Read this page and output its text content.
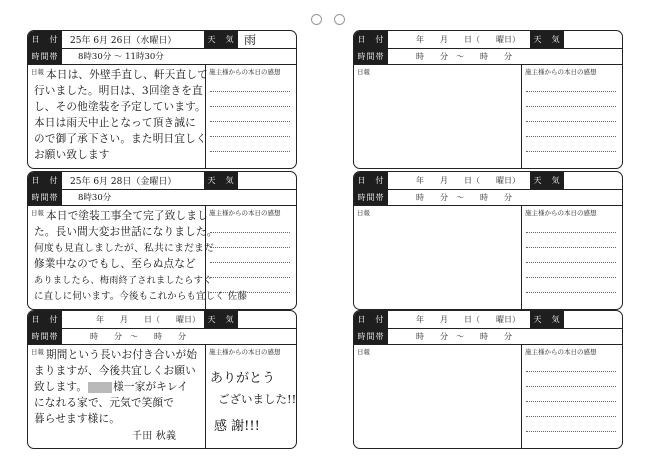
日　付	25年 6月 26日（水曜日）	天　気 雨
時間帯	8時30分 〜 11時30分
日報	施主様からの本日の感想
本日は、外壁手直し、軒天直して
行いました。明日は、3回塗きを直
し、その他塗装を予定しています。
本日は雨天中止となって頂き誠に
ので御了承下さい。また明日宜しく
お願い致します
日　付	25年 6月 28日（金曜日）	天　気
時間帯	8時30分
日報	施主様からの本日の感想
本日で塗装工事全て完了致しまし
た。長い間大変お世話になりました。
何度も見直しましたが、私共にまだまだ
修業中なのでもし、至らぬ点など
ありましたら、梅雨終了されましたらすぐ
に直しに伺います。今後もこれからも宜しく 佐藤
日　付	年　　月　　日（　　曜日） 天　気
時間帯	時　　分　〜　　時　　分
日報	施主様からの本日の感想
期間という長いお付き合いが始
まりますが、今後共宜しくお願い
致します。 様一家がキレイ
になれる家で、元気で笑顔で
暮らせます様に。
千田 秋義
ありがとう
ございました!!
感 謝!!!
日　付	年　　月　　日（　　曜日）	天　気
時間帯	時　　分　〜　　時　　分
日報	施主様からの本日の感想
日　付	年　　月　　日（　　曜日）	天　気
時間帯	時　　分　〜　　時　　分
日報	施主様からの本日の感想
日　付	年　　月　　日（　　曜日）	天　気
時間帯	時　　分　〜　　時　　分
日報	施主様からの本日の感想
